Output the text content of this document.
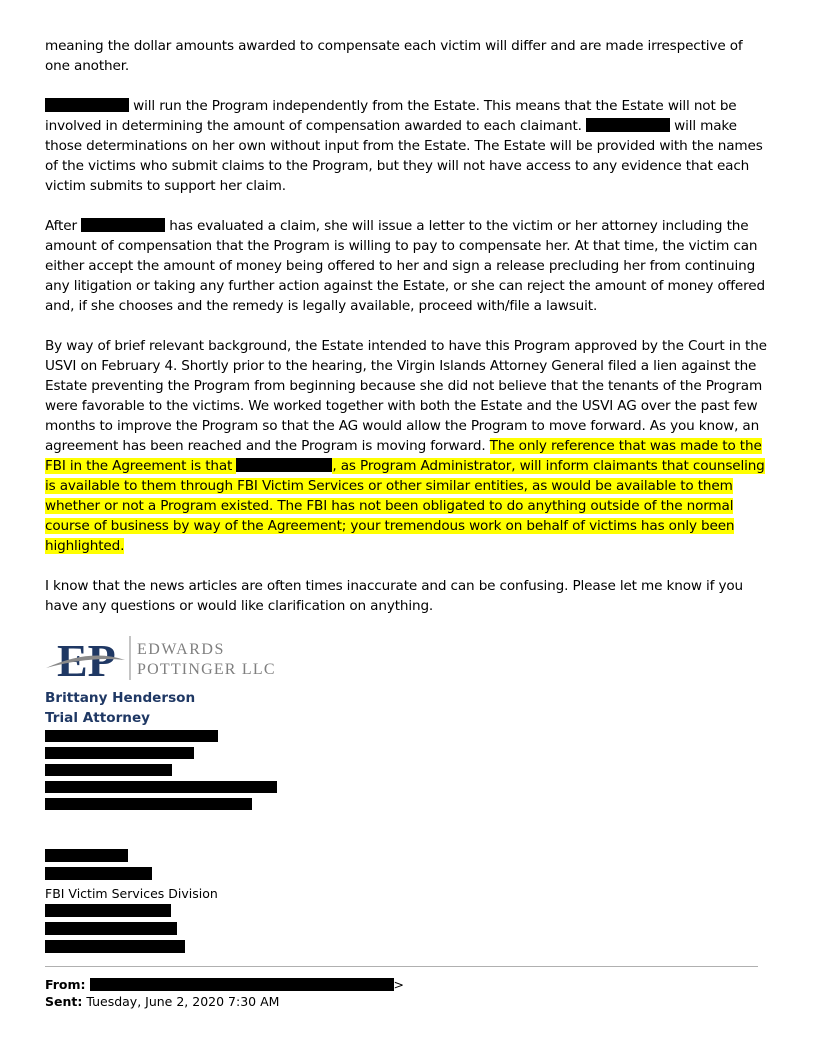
meaning the dollar amounts awarded to compensate each victim will differ and are made irrespective of one another.

will run the Program independently from the Estate. This means that the Estate will not be involved in determining the amount of compensation awarded to each claimant.	will make those determinations on her own without input from the Estate. The Estate will be provided with the names of the victims who submit claims to the Program, but they will not have access to any evidence that each victim submits to support her claim.

After	has evaluated a claim, she will issue a letter to the victim or her attorney including the amount of compensation that the Program is willing to pay to compensate her. At that time, the victim can either accept the amount of money being offered to her and sign a release precluding her from continuing any litigation or taking any further action against the Estate, or she can reject the amount of money offered and, if she chooses and the remedy is legally available, proceed with/file a lawsuit.

By way of brief relevant background, the Estate intended to have this Program approved by the Court in the USVI on February 4. Shortly prior to the hearing, the Virgin Islands Attorney General filed a lien against the Estate preventing the Program from beginning because she did not believe that the tenants of the Program were favorable to the victims. We worked together with both the Estate and the USVI AG over the past few months to improve the Program so that the AG would allow the Program to move forward. As you know, an agreement has been reached and the Program is moving forward. The only reference that was made to the FBI in the Agreement is that	, as Program Administrator, will inform claimants that counseling is available to them through FBI Victim Services or other similar entities, as would be available to them whether or not a Program existed. The FBI has not been obligated to do anything outside of the normal course of business by way of the Agreement; your tremendous work on behalf of victims has only been highlighted.

I know that the news articles are often times inaccurate and can be confusing. Please let me know if you have any questions or would like clarification on anything.

EP EDWARDS
POTTINGER LLC
Brittany Henderson
Trial Attorney
FBI Victim Services Division
From:	>
Sent: Tuesday, June 2, 2020 7:30 AM
